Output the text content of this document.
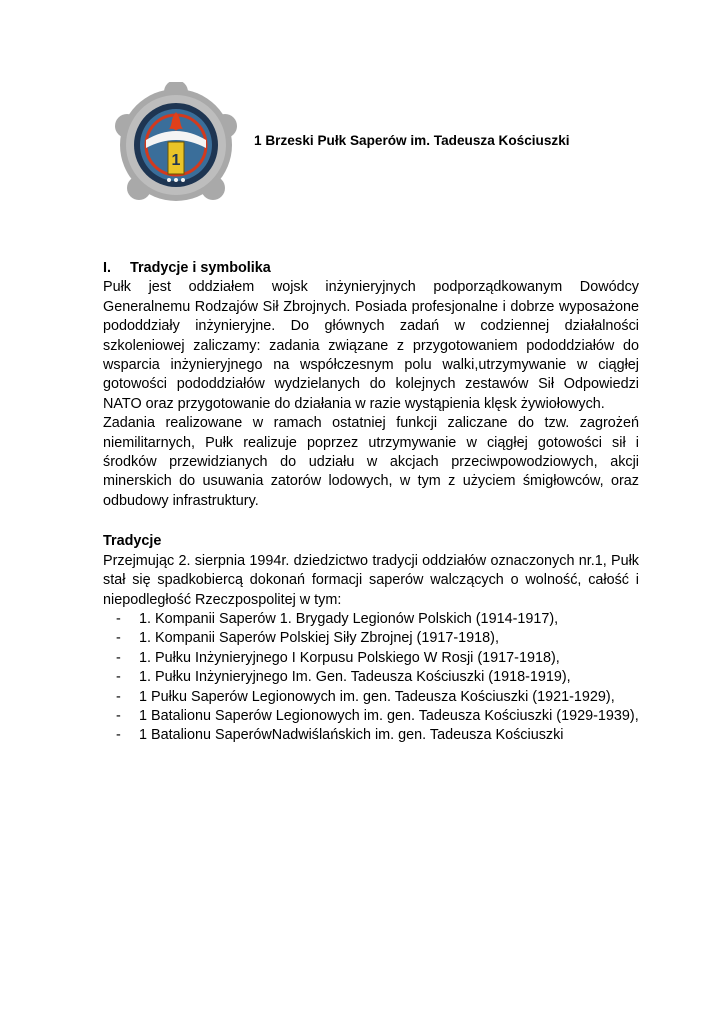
1
1 Brzeski Pułk Saperów im. Tadeusza Kościuszki

I. Tradycje i symbolika

Pułk jest oddziałem wojsk inżynieryjnych podporządkowanym Dowódcy Generalnemu Rodzajów Sił Zbrojnych. Posiada profesjonalne i dobrze wyposażone pododdziały inżynieryjne. Do głównych zadań w codziennej działalności szkoleniowej zaliczamy: zadania związane z przygotowaniem pododdziałów do wsparcia inżynieryjnego na współczesnym polu walki,utrzymywanie w ciągłej gotowości pododdziałów wydzielanych do kolejnych zestawów Sił Odpowiedzi NATO oraz przygotowanie do działania w razie wystąpienia klęsk żywiołowych.

Zadania realizowane w ramach ostatniej funkcji zaliczane do tzw. zagrożeń niemilitarnych, Pułk realizuje poprzez utrzymywanie w ciągłej gotowości sił i środków przewidzianych do udziału w akcjach przeciwpowodziowych, akcji minerskich do usuwania zatorów lodowych, w tym z użyciem śmigłowców, oraz odbudowy infrastruktury.

Tradycje

Przejmując 2. sierpnia 1994r. dziedzictwo tradycji oddziałów oznaczonych nr.1, Pułk stał się spadkobiercą dokonań formacji saperów walczących o wolność, całość i niepodległość Rzeczpospolitej w tym:

- 1. Kompanii Saperów 1. Brygady Legionów Polskich (1914-1917),
- 1. Kompanii Saperów Polskiej Siły Zbrojnej (1917-1918),
- 1. Pułku Inżynieryjnego I Korpusu Polskiego W Rosji (1917-1918),
- 1. Pułku Inżynieryjnego Im. Gen. Tadeusza Kościuszki (1918-1919),
- 1 Pułku Saperów Legionowych im. gen. Tadeusza Kościuszki (1921-1929),
- 1 Batalionu Saperów Legionowych im. gen. Tadeusza Kościuszki (1929-1939),
- 1 Batalionu SaperówNadwiślańskich im. gen. Tadeusza Kościuszki
